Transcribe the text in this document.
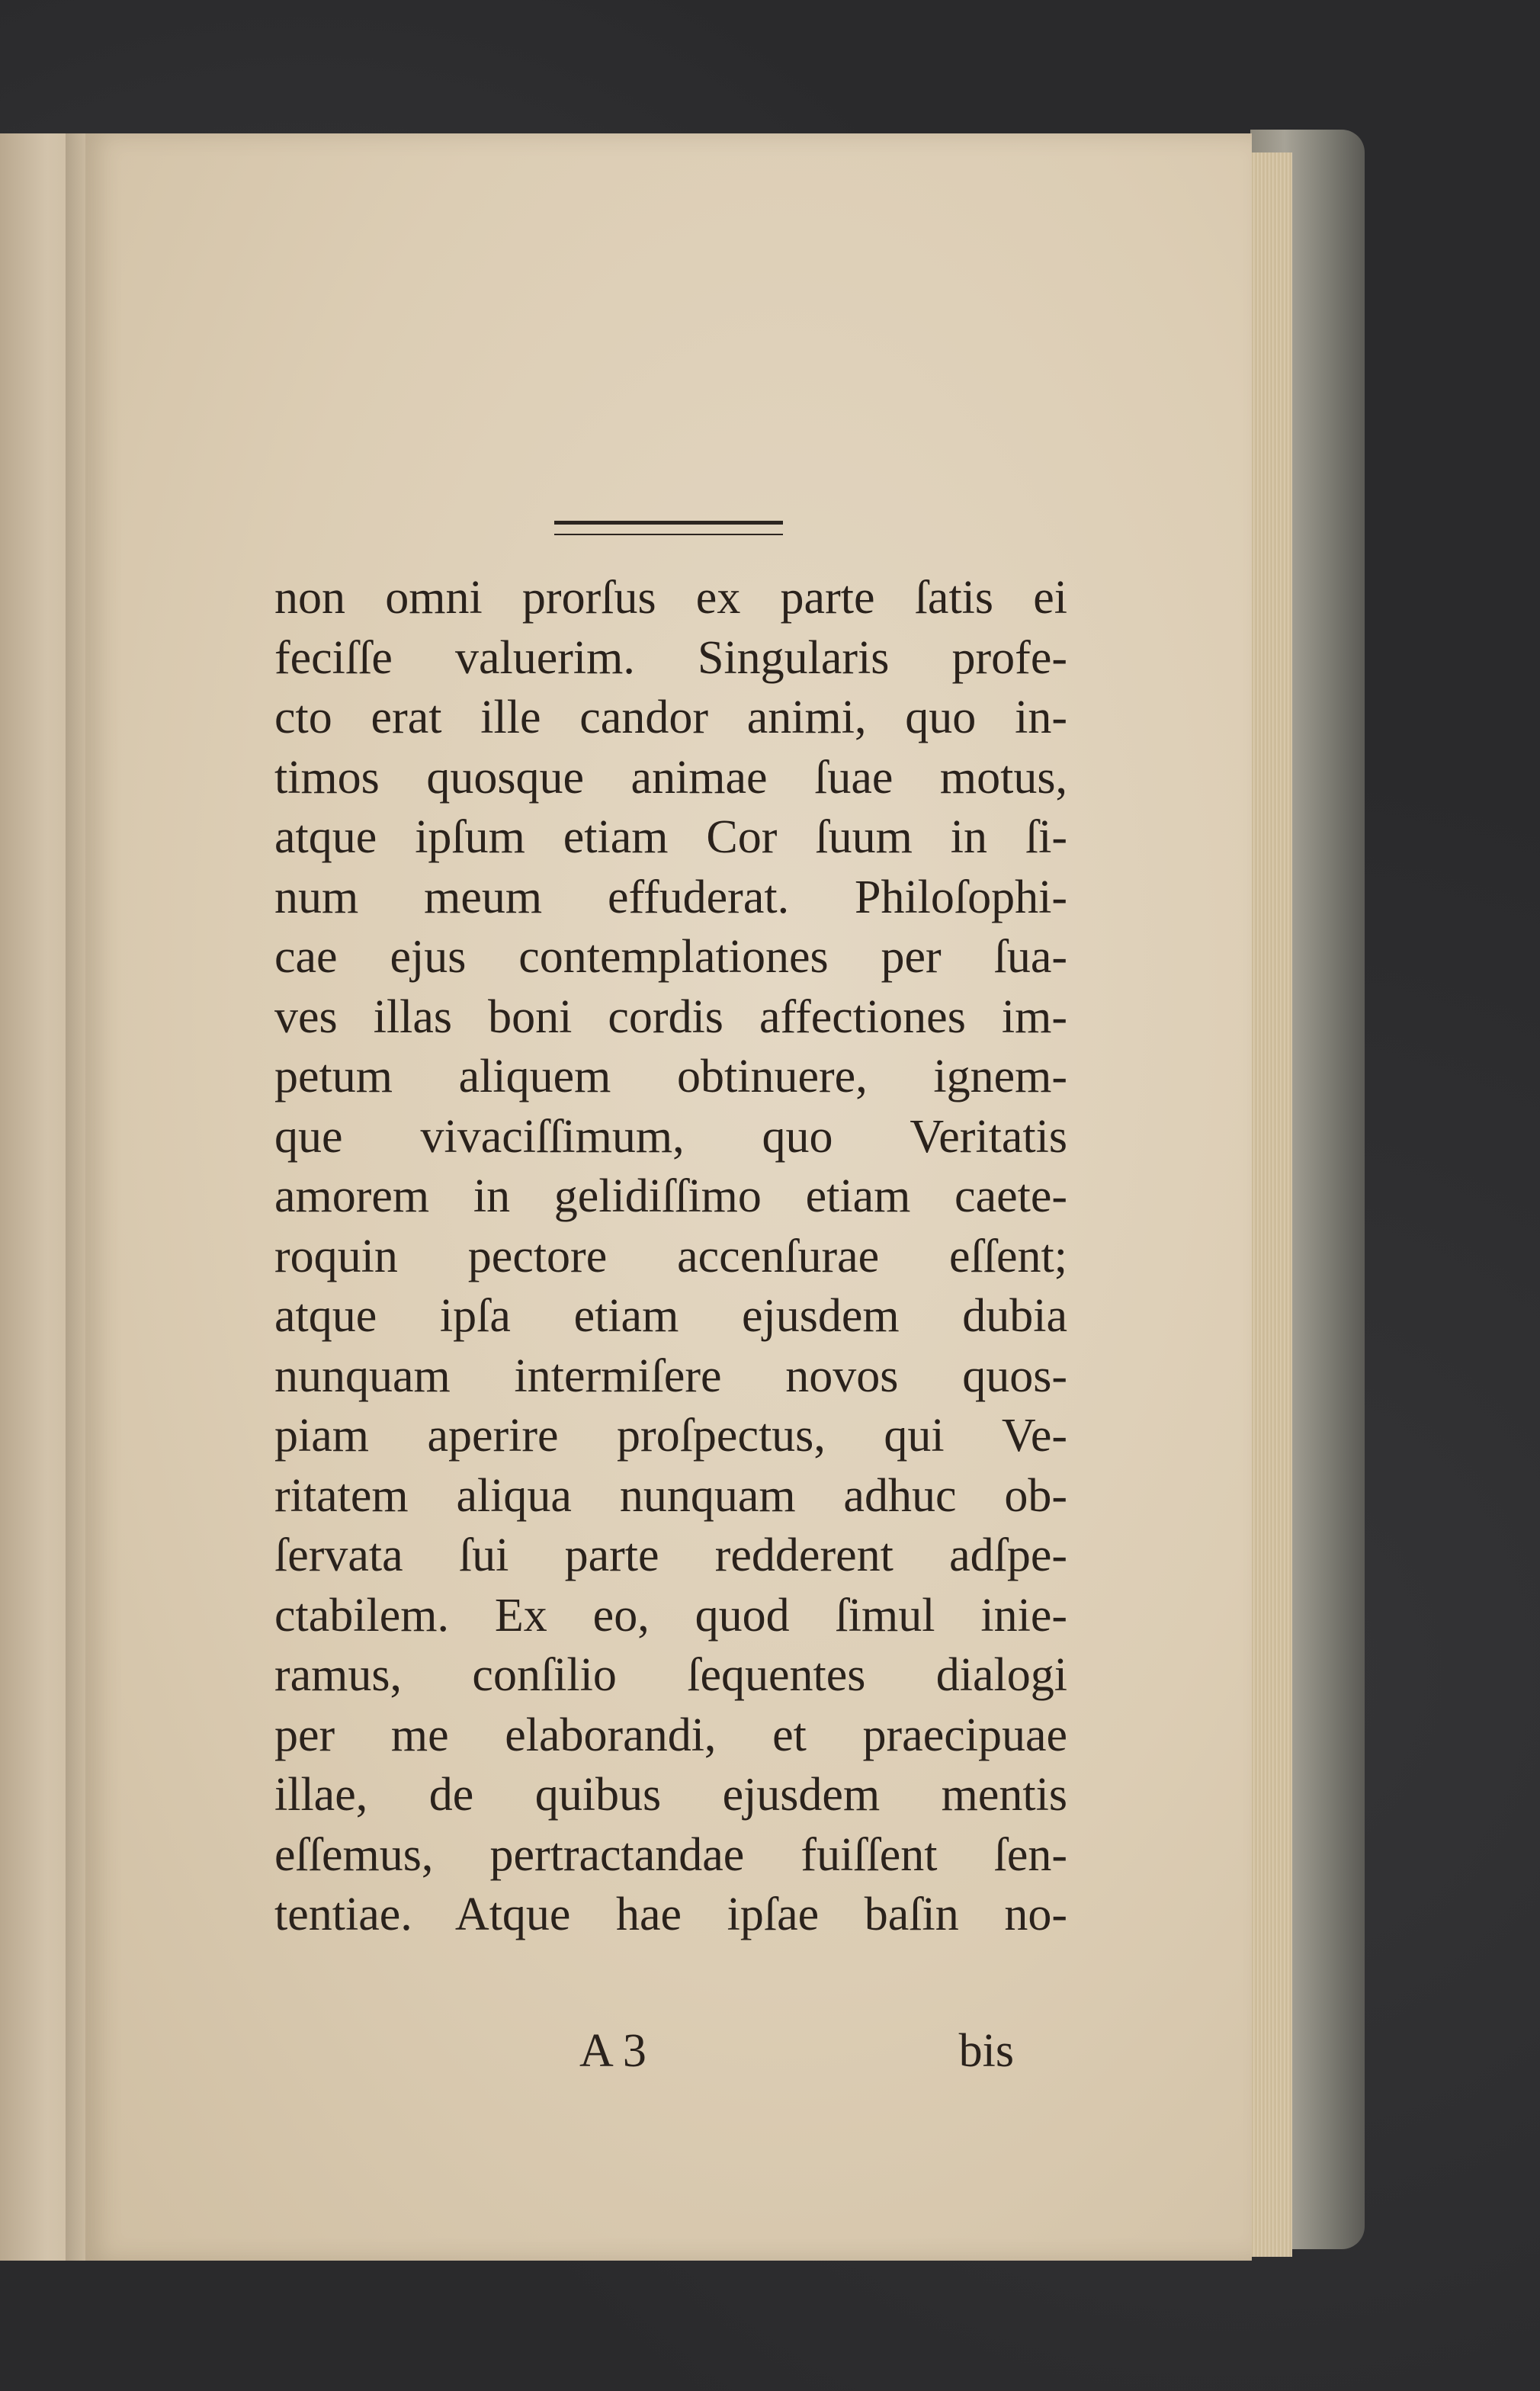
non omni prorſus ex parte ſatis ei
feciſſe valuerim. Singularis profe-
cto erat ille candor animi, quo in-
timos quosque animae ſuae motus,
atque ipſum etiam Cor ſuum in ſi-
num meum effuderat. Philoſophi-
cae ejus contemplationes per ſua-
ves illas boni cordis affectiones im-
petum aliquem obtinuere, ignem-
que vivaciſſimum, quo Veritatis
amorem in gelidiſſimo etiam caete-
roquin pectore accenſurae eſſent;
atque ipſa etiam ejusdem dubia
nunquam intermiſere novos quos-
piam aperire proſpectus, qui Ve-
ritatem aliqua nunquam adhuc ob-
ſervata ſui parte redderent adſpe-
ctabilem. Ex eo, quod ſimul inie-
ramus, conſilio ſequentes dialogi
per me elaborandi, et praecipuae
illae, de quibus ejusdem mentis
eſſemus, pertractandae fuiſſent ſen-
tentiae. Atque hae ipſae baſin no-
A 3	bis
